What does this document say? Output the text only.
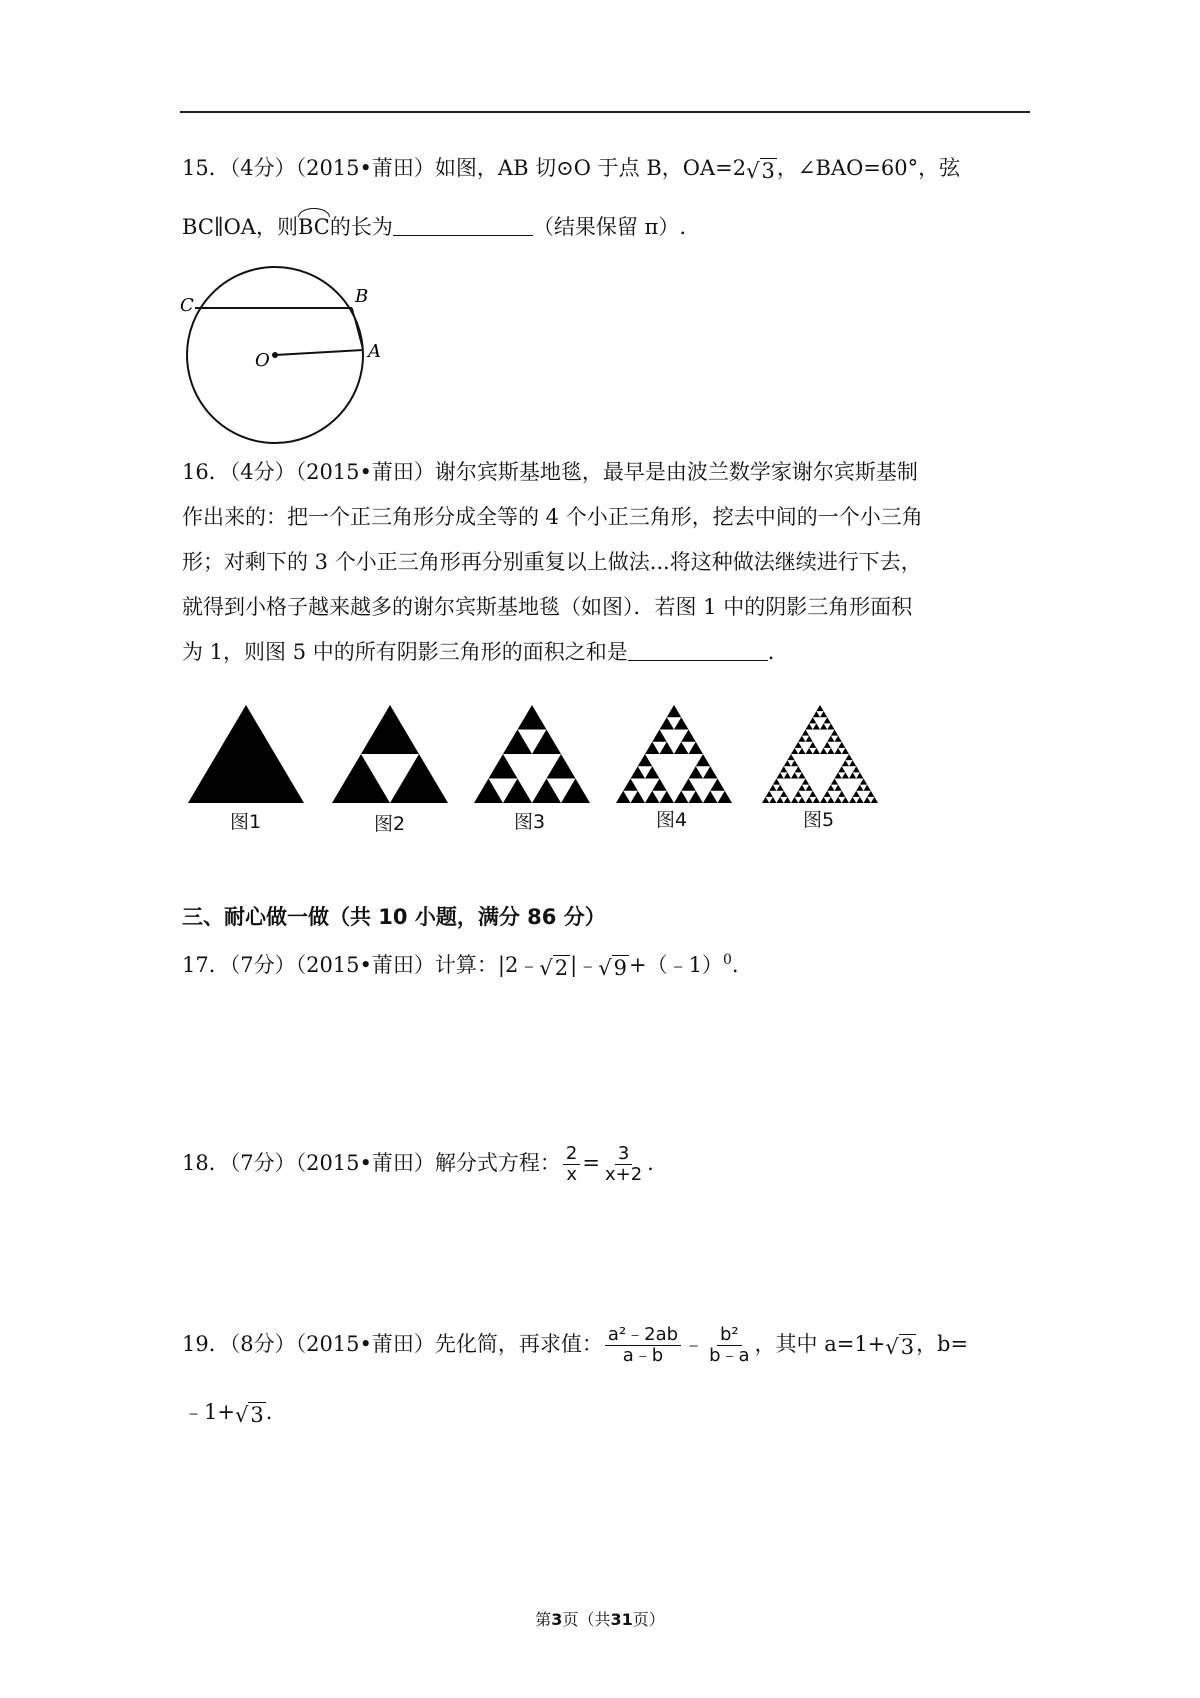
15．（4分）（2015•莆田）如图，AB 切⊙O 于点 B，OA=2√3，∠BAO=60°，弦
BC∥OA，则BC的长为	（结果保留 π）.
C	B
O	A
16．（4分）（2015•莆田）谢尔宾斯基地毯，最早是由波兰数学家谢尔宾斯基制
作出来的：把一个正三角形分成全等的 4 个小正三角形，挖去中间的一个小三角
形；对剩下的 3 个小正三角形再分别重复以上做法...将这种做法继续进行下去，
就得到小格子越来越多的谢尔宾斯基地毯（如图）．若图 1 中的阴影三角形面积
为 1，则图 5 中的所有阴影三角形的面积之和是	.
图1	图2	图3	图4	图5
三、耐心做一做（共 10 小题，满分 86 分）
17．（7分）（2015•莆田）计算：|2﹣√2|﹣√9+（﹣1）$^0$.
18．（7分）（2015•莆田）解分式方程： $\frac{2}{x} = \frac{3}{x+2}$ .
19．（8分）（2015•莆田）先化简，再求值： $\frac{\text{a²﹣2ab}}{a﹣b}$ ﹣ $\frac{\text{b²}}{b﹣a}$ ，其中 a=1+√3，b=
﹣1+√3.
第3页（共31页）
